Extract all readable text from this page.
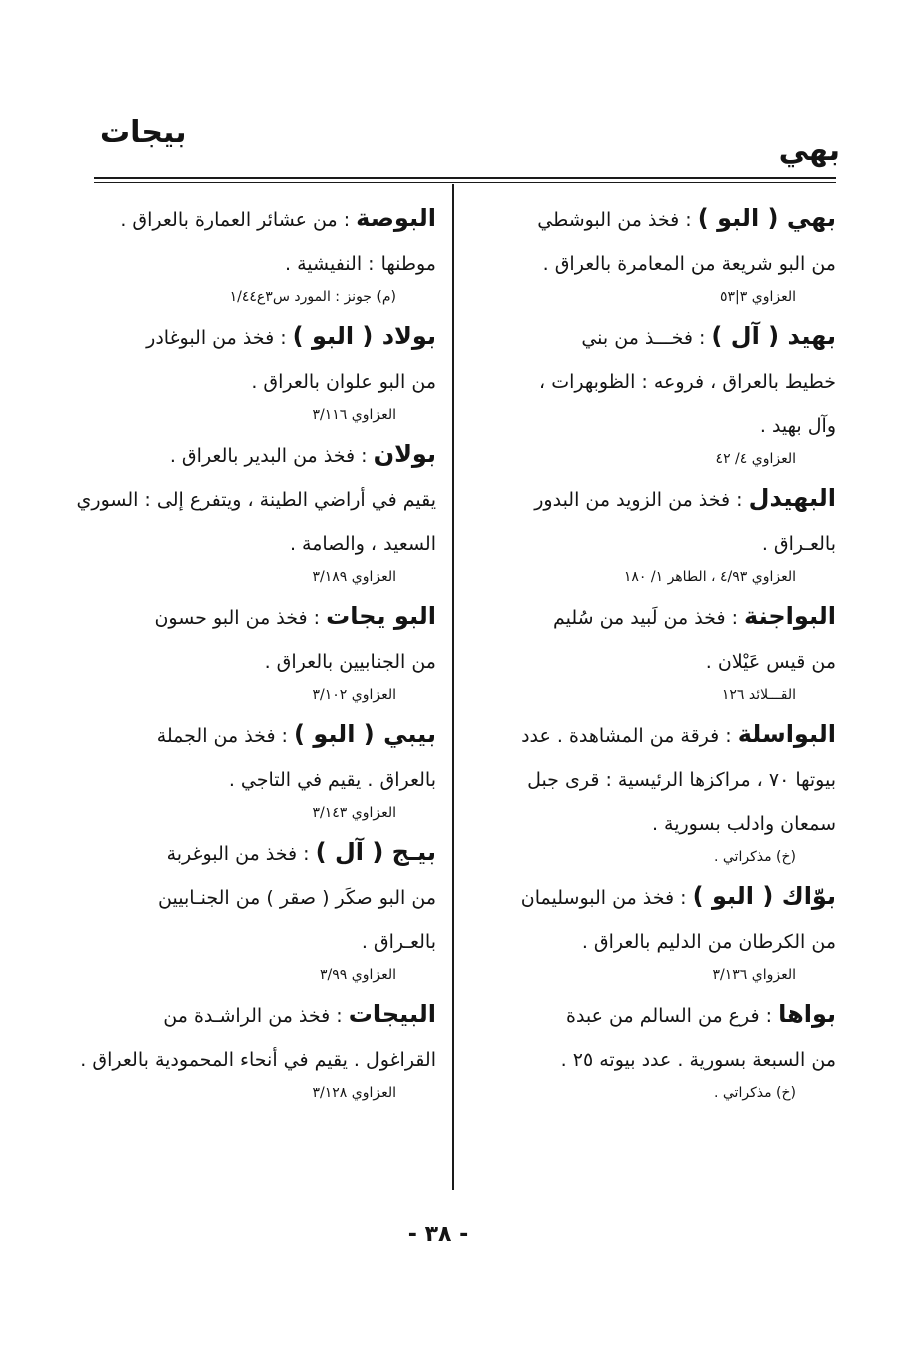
بهي
بيجات

بهي ( البو ) : فخذ من البوشطي

من البو شريعة من المعامرة بالعراق .

العزاوي ٣|٥٣

بهيد ( آل ) : فخـــذ من بني

خطيط بالعراق ، فروعه : الظوبهرات ،

وآل بهيد .

العزاوي ٤/ ٤٢

البهيدل : فخذ من الزويد من البدور

بالعـراق .

العزاوي ٤/٩٣ ، الطاهر ١/ ١٨٠

البواجنة : فخذ من لَبيد من سُليم

من قيس عَيْلان .

القـــلائد ١٢٦

البواسلة : فرقة من المشاهدة . عدد

بيوتها ٧٠ ، مراكزها الرئيسية : قرى جبل

سمعان وادلب بسورية .

(خ) مذكراتي .

بوّاك ( البو ) : فخذ من البوسليمان

من الكرطان من الدليم بالعراق .

العزواي ٣/١٣٦

بواها : فرع من السالم من عبدة

من السبعة بسورية . عدد بيوته ٢٥ .

(خ) مذكراتي .

البوصة : من عشائر العمارة بالعراق .

موطنها : النفيشية .

(م) جونز : المورد س٣ع١/٤٤

بولاد ( البو ) : فخذ من البوغادر

من البو علوان بالعراق .

العزاوي ٣/١١٦

بولان : فخذ من البدير بالعراق .

يقيم في أراضي الطينة ، ويتفرع إلى : السوري

السعيد ، والصامة .

العزاوي ٣/١٨٩

البو يجات : فخذ من البو حسون

من الجنابيين بالعراق .

العزاوي ٣/١٠٢

بيبي ( البو ) : فخذ من الجملة

بالعراق . يقيم في التاجي .

العزاوي ٣/١٤٣

بيـج ( آل ) : فخذ من البوغربة

من البو صكَر ( صقر ) من الجنـابيين

بالعـراق .

العزاوي ٣/٩٩

البيجات : فخذ من الراشـدة من

القراغول . يقيم في أنحاء المحمودية بالعراق .

العزاوي ٣/١٢٨

- ٣٨ -
